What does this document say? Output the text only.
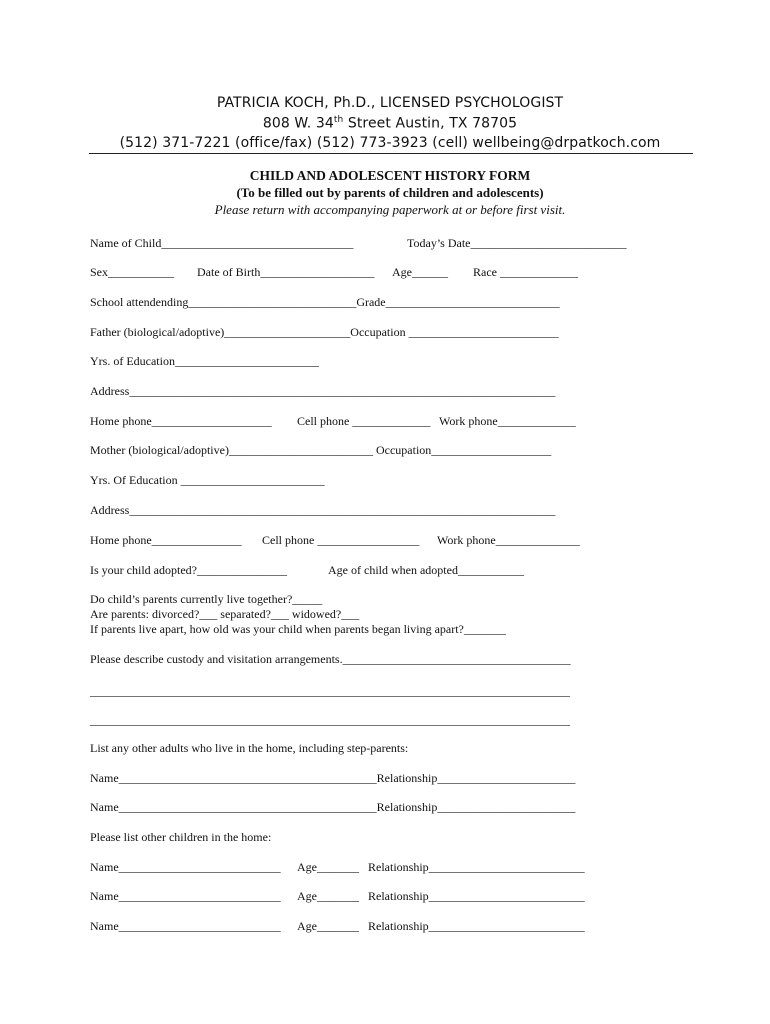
PATRICIA KOCH, Ph.D., LICENSED PSYCHOLOGIST
808 W. 34th Street Austin, TX 78705
(512) 371-7221 (office/fax) (512) 773-3923 (cell) wellbeing@drpatkoch.com
CHILD AND ADOLESCENT HISTORY FORM
(To be filled out by parents of children and adolescents)
Please return with accompanying paperwork at or before first visit.
Name of Child________________________________	Today’s Date__________________________
Sex___________ Date of Birth___________________ Age______ Race _____________
School attendending____________________________Grade_____________________________
Father (biological/adoptive)_____________________Occupation _________________________
Yrs. of Education________________________
Address_______________________________________________________________________
Home phone____________________ Cell phone _____________ Work phone_____________
Mother (biological/adoptive)________________________ Occupation____________________
Yrs. Of Education ________________________
Address_______________________________________________________________________
Home phone_______________ Cell phone _________________ Work phone______________
Is your child adopted?_______________	Age of child when adopted___________
Do child’s parents currently live together?_____
Are parents: divorced?___ separated?___ widowed?___
If parents live apart, how old was your child when parents began living apart?_______
Please describe custody and visitation arrangements.______________________________________
________________________________________________________________________________
________________________________________________________________________________
List any other adults who live in the home, including step-parents:
Name___________________________________________Relationship_______________________
Name___________________________________________Relationship_______________________
Please list other children in the home:
Name___________________________ Age_______ Relationship__________________________
Name___________________________ Age_______ Relationship__________________________
Name___________________________ Age_______ Relationship__________________________
